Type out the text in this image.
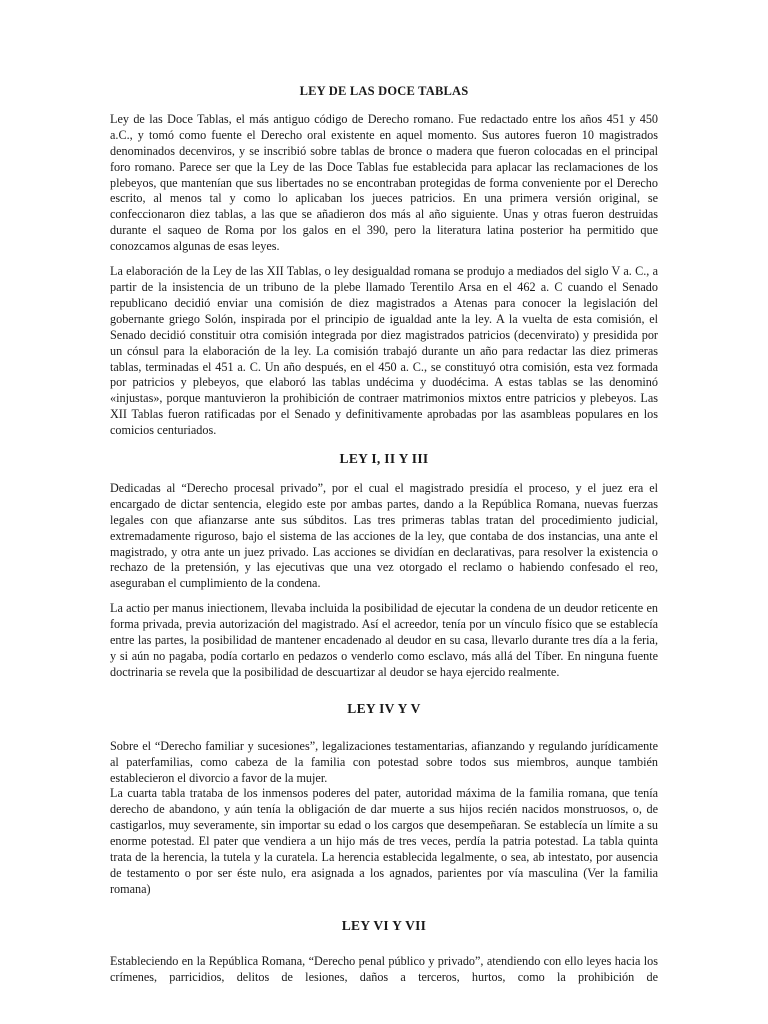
LEY DE LAS DOCE TABLAS

Ley de las Doce Tablas, el más antiguo código de Derecho romano. Fue redactado entre los años 451 y 450 a.C., y tomó como fuente el Derecho oral existente en aquel momento. Sus autores fueron 10 magistrados denominados decenviros, y se inscribió sobre tablas de bronce o madera que fueron colocadas en el principal foro romano. Parece ser que la Ley de las Doce Tablas fue establecida para aplacar las reclamaciones de los plebeyos, que mantenían que sus libertades no se encontraban protegidas de forma conveniente por el Derecho escrito, al menos tal y como lo aplicaban los jueces patricios. En una primera versión original, se confeccionaron diez tablas, a las que se añadieron dos más al año siguiente. Unas y otras fueron destruidas durante el saqueo de Roma por los galos en el 390, pero la literatura latina posterior ha permitido que conozcamos algunas de esas leyes.

La elaboración de la Ley de las XII Tablas, o ley desigualdad romana se produjo a mediados del siglo V a. C., a partir de la insistencia de un tribuno de la plebe llamado Terentilo Arsa en el 462 a. C cuando el Senado republicano decidió enviar una comisión de diez magistrados a Atenas para conocer la legislación del gobernante griego Solón, inspirada por el principio de igualdad ante la ley. A la vuelta de esta comisión, el Senado decidió constituir otra comisión integrada por diez magistrados patricios (decenvirato) y presidida por un cónsul para la elaboración de la ley. La comisión trabajó durante un año para redactar las diez primeras tablas, terminadas el 451 a. C. Un año después, en el 450 a. C., se constituyó otra comisión, esta vez formada por patricios y plebeyos, que elaboró las tablas undécima y duodécima. A estas tablas se las denominó «injustas», porque mantuvieron la prohibición de contraer matrimonios mixtos entre patricios y plebeyos. Las XII Tablas fueron ratificadas por el Senado y definitivamente aprobadas por las asambleas populares en los comicios centuriados.

LEY I, II Y III

Dedicadas al “Derecho procesal privado”, por el cual el magistrado presidía el proceso, y el juez era el encargado de dictar sentencia, elegido este por ambas partes, dando a la República Romana, nuevas fuerzas legales con que afianzarse ante sus súbditos. Las tres primeras tablas tratan del procedimiento judicial, extremadamente riguroso, bajo el sistema de las acciones de la ley, que contaba de dos instancias, una ante el magistrado, y otra ante un juez privado. Las acciones se dividían en declarativas, para resolver la existencia o rechazo de la pretensión, y las ejecutivas que una vez otorgado el reclamo o habiendo confesado el reo, aseguraban el cumplimiento de la condena.

La actio per manus iniectionem, llevaba incluida la posibilidad de ejecutar la condena de un deudor reticente en forma privada, previa autorización del magistrado. Así el acreedor, tenía por un vínculo físico que se establecía entre las partes, la posibilidad de mantener encadenado al deudor en su casa, llevarlo durante tres día a la feria, y si aún no pagaba, podía cortarlo en pedazos o venderlo como esclavo, más allá del Tíber. En ninguna fuente doctrinaria se revela que la posibilidad de descuartizar al deudor se haya ejercido realmente.

LEY IV Y V

Sobre el “Derecho familiar y sucesiones”, legalizaciones testamentarias, afianzando y regulando jurídicamente al paterfamilias, como cabeza de la familia con potestad sobre todos sus miembros, aunque también establecieron el divorcio a favor de la mujer.

La cuarta tabla trataba de los inmensos poderes del pater, autoridad máxima de la familia romana, que tenía derecho de abandono, y aún tenía la obligación de dar muerte a sus hijos recién nacidos monstruosos, o, de castigarlos, muy severamente, sin importar su edad o los cargos que desempeñaran. Se establecía un límite a su enorme potestad. El pater que vendiera a un hijo más de tres veces, perdía la patria potestad. La tabla quinta trata de la herencia, la tutela y la curatela. La herencia establecida legalmente, o sea, ab intestato, por ausencia de testamento o por ser éste nulo, era asignada a los agnados, parientes por vía masculina (Ver la familia romana)

LEY VI Y VII

Estableciendo en la República Romana, “Derecho penal público y privado”, atendiendo con ello leyes hacia los crímenes, parricidios, delitos de lesiones, daños a terceros, hurtos, como la prohibición de
